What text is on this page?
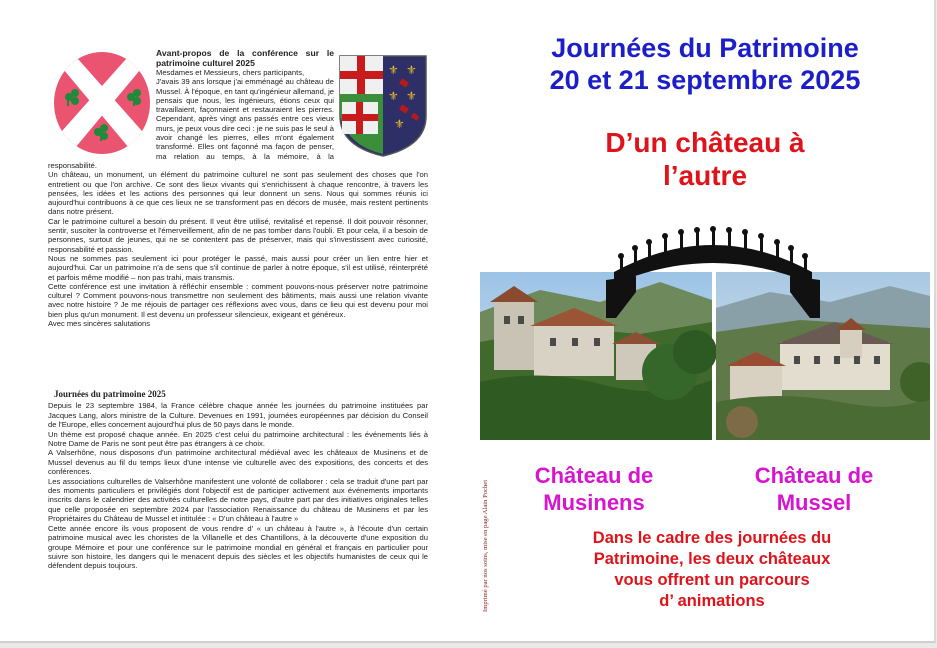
⚜ ⚜
⚜ ⚜
⚜

Avant-propos de la conférence sur le patrimoine culturel 2025

Mesdames et Messieurs, chers participants,

J'avais 39 ans lorsque j'ai emménagé au château de Mussel. À l'époque, en tant qu'ingénieur allemand, je pensais que nous, les ingénieurs, étions ceux qui travaillaient, façonnaient et restauraient les pierres. Cependant, après vingt ans passés entre ces vieux murs, je peux vous dire ceci : je ne suis pas le seul à avoir changé les pierres, elles m'ont également transformé. Elles ont façonné ma façon de penser, ma relation au temps, à la mémoire, à la responsabilité.

Un château, un monument, un élément du patrimoine culturel ne sont pas seulement des choses que l'on entretient ou que l'on archive. Ce sont des lieux vivants qui s'enrichissent à chaque rencontre, à travers les pensées, les idées et les actions des personnes qui leur donnent un sens. Nous qui sommes réunis ici aujourd'hui contribuons à ce que ces lieux ne se transforment pas en décors de musée, mais restent pertinents dans notre présent.

Car le patrimoine culturel a besoin du présent. Il veut être utilisé, revitalisé et repensé. Il doit pouvoir résonner, sentir, susciter la controverse et l'émerveillement, afin de ne pas tomber dans l'oubli. Et pour cela, il a besoin de personnes, surtout de jeunes, qui ne se contentent pas de préserver, mais qui s'investissent avec curiosité, responsabilité et passion.

Nous ne sommes pas seulement ici pour protéger le passé, mais aussi pour créer un lien entre hier et aujourd'hui. Car un patrimoine n'a de sens que s'il continue de parler à notre époque, s'il est utilisé, réinterprété et parfois même modifié – non pas trahi, mais transmis.

Cette conférence est une invitation à réfléchir ensemble : comment pouvons-nous préserver notre patrimoine culturel ? Comment pouvons-nous transmettre non seulement des bâtiments, mais aussi une relation vivante avec notre histoire ? Je me réjouis de partager ces réflexions avec vous, dans ce lieu qui est devenu pour moi bien plus qu'un monument. Il est devenu un professeur silencieux, exigeant et généreux.

Avec mes sincères salutations

Journées du patrimoine 2025

Depuis le 23 septembre 1984, la France célèbre chaque année les journées du patrimoine instituées par Jacques Lang, alors ministre de la Culture. Devenues en 1991, journées européennes par décision du Conseil de l'Europe, elles concernent aujourd'hui plus de 50 pays dans le monde.

Un thème est proposé chaque année. En 2025 c'est celui du patrimoine architectural : les événements liés à Notre Dame de Paris ne sont peut être pas étrangers à ce choix.

A Valserhône, nous disposons d'un patrimoine architectural médiéval avec les châteaux de Musinens et de Mussel devenus au fil du temps lieux d'une intense vie culturelle avec des expositions, des concerts et des conférences.

Les associations culturelles de Valserhône manifestent une volonté de collaborer : cela se traduit d'une part par des moments particuliers et privilégiés dont l'objectif est de participer activement aux événements importants inscrits dans le calendrier des activités culturelles de notre pays, d'autre part par des initiatives originales telles que celle proposée en septembre 2024 par l'association Renaissance du château de Musinens et par les Propriétaires du Château de Mussel et intitulée : « D'un château à l'autre »

Cette année encore ils vous proposent de vous rendre d' « un château à l'autre », à l'écoute d'un certain patrimoine musical avec les choristes de la Villanelle et des Chantillons, à la découverte d'une exposition du groupe Mémoire et pour une conférence sur le patrimoine mondial en général et français en particulier pour suivre son histoire, les dangers qui le menacent depuis des siècles et les objectifs humanistes de ceux qui le défendent depuis toujours.	Imprimé par nos soins, mise en page Alain Pochet
Journées du Patrimoine
20 et 21 septembre 2025
D’un château à
l’autre
Château de
Musinens
Château de
Mussel
Dans le cadre des journées du
Patrimoine, les deux châteaux
vous offrent un parcours
d’ animations
